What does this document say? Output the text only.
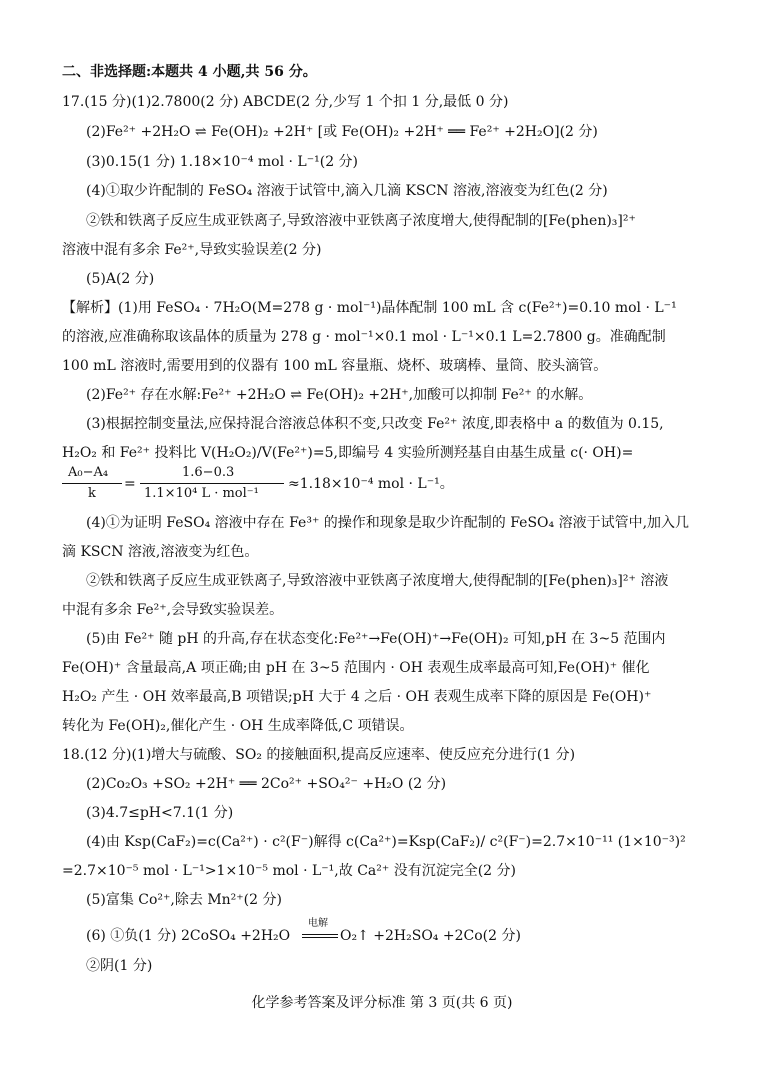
二、非选择题:本题共 4 小题,共 56 分。
17.(15 分)(1)2.7800(2 分) ABCDE(2 分,少写 1 个扣 1 分,最低 0 分)
(2)Fe²⁺ +2H₂O ⇌ Fe(OH)₂ +2H⁺ [或 Fe(OH)₂ +2H⁺ ══ Fe²⁺ +2H₂O](2 分)
(3)0.15(1 分) 1.18×10⁻⁴ mol · L⁻¹(2 分)
(4)①取少许配制的 FeSO₄ 溶液于试管中,滴入几滴 KSCN 溶液,溶液变为红色(2 分)
②铁和铁离子反应生成亚铁离子,导致溶液中亚铁离子浓度增大,使得配制的[Fe(phen)₃]²⁺
溶液中混有多余 Fe²⁺,导致实验误差(2 分)
(5)A(2 分)
【解析】(1)用 FeSO₄ · 7H₂O(M=278 g · mol⁻¹)晶体配制 100 mL 含 c(Fe²⁺)=0.10 mol · L⁻¹
的溶液,应准确称取该晶体的质量为 278 g · mol⁻¹×0.1 mol · L⁻¹×0.1 L=2.7800 g。准确配制
100 mL 溶液时,需要用到的仪器有 100 mL 容量瓶、烧杯、玻璃棒、量筒、胶头滴管。
(2)Fe²⁺ 存在水解:Fe²⁺ +2H₂O ⇌ Fe(OH)₂ +2H⁺,加酸可以抑制 Fe²⁺ 的水解。
(3)根据控制变量法,应保持混合溶液总体积不变,只改变 Fe²⁺ 浓度,即表格中 a 的数值为 0.15,
H₂O₂ 和 Fe²⁺ 投料比 V(H₂O₂)/V(Fe²⁺)=5,即编号 4 实验所测羟基自由基生成量 c(· OH)=
A₀−A₄
k
=
1.6−0.3
1.1×10⁴ L · mol⁻¹
≈1.18×10⁻⁴ mol · L⁻¹。
(4)①为证明 FeSO₄ 溶液中存在 Fe³⁺ 的操作和现象是取少许配制的 FeSO₄ 溶液于试管中,加入几
滴 KSCN 溶液,溶液变为红色。
②铁和铁离子反应生成亚铁离子,导致溶液中亚铁离子浓度增大,使得配制的[Fe(phen)₃]²⁺ 溶液
中混有多余 Fe²⁺,会导致实验误差。
(5)由 Fe²⁺ 随 pH 的升高,存在状态变化:Fe²⁺→Fe(OH)⁺→Fe(OH)₂ 可知,pH 在 3~5 范围内
Fe(OH)⁺ 含量最高,A 项正确;由 pH 在 3~5 范围内 · OH 表观生成率最高可知,Fe(OH)⁺ 催化
H₂O₂ 产生 · OH 效率最高,B 项错误;pH 大于 4 之后 · OH 表观生成率下降的原因是 Fe(OH)⁺
转化为 Fe(OH)₂,催化产生 · OH 生成率降低,C 项错误。
18.(12 分)(1)增大与硫酸、SO₂ 的接触面积,提高反应速率、使反应充分进行(1 分)
(2)Co₂O₃ +SO₂ +2H⁺ ══ 2Co²⁺ +SO₄²⁻ +H₂O (2 分)
(3)4.7≤pH<7.1(1 分)
(4)由 Ksp(CaF₂)=c(Ca²⁺) · c²(F⁻)解得 c(Ca²⁺)=Ksp(CaF₂)/ c²(F⁻)=2.7×10⁻¹¹ (1×10⁻³)²
=2.7×10⁻⁵ mol · L⁻¹>1×10⁻⁵ mol · L⁻¹,故 Ca²⁺ 没有沉淀完全(2 分)
(5)富集 Co²⁺,除去 Mn²⁺(2 分)
(6) ①负(1 分) 2CoSO₄ +2H₂O
电解
O₂↑ +2H₂SO₄ +2Co(2 分)
②阴(1 分)
化学参考答案及评分标准 第 3 页(共 6 页)
